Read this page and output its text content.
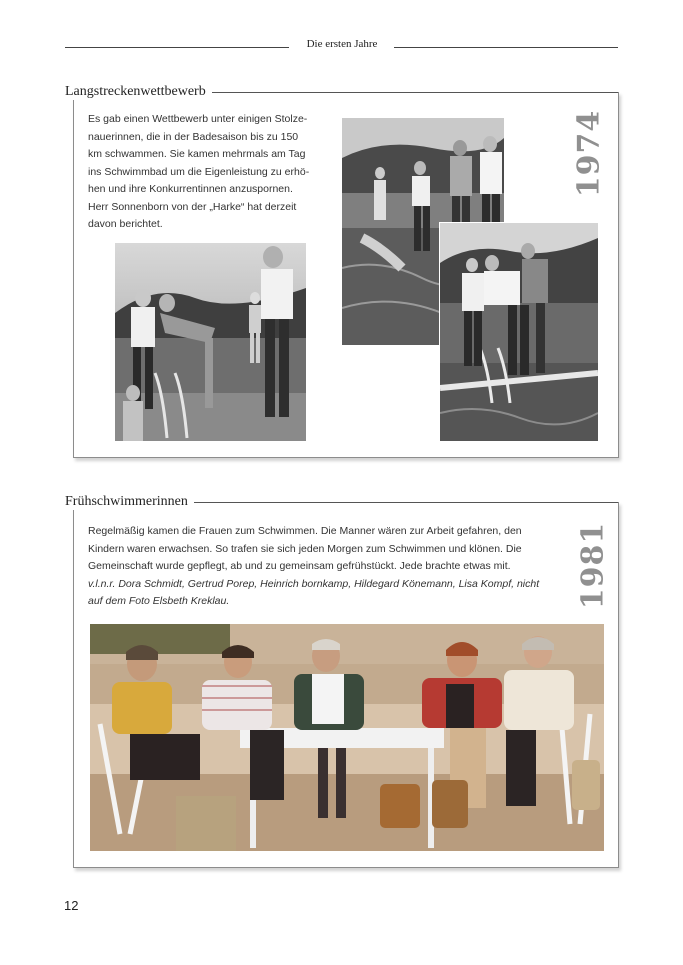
Die ersten Jahre
Langstreckenwettbewerb

Es gab einen Wettbewerb unter einigen Stolze-
nauerinnen, die in der Badesaison bis zu 150
km schwammen. Sie kamen mehrmals am Tag
ins Schwimmbad um die Eigenleistung zu erhö-
hen und ihre Konkurrentinnen anzuspornen.
Herr Sonnenborn von der „Harke“ hat derzeit
davon berichtet.

1974
Frühschwimmerinnen

Regelmäßig kamen die Frauen zum Schwimmen. Die Manner wären zur Arbeit gefahren, den
Kindern waren erwachsen. So trafen sie sich jeden Morgen zum Schwimmen und klönen. Die
Gemeinschaft wurde gepflegt, ab und zu gemeinsam gefrühstückt. Jede brachte etwas mit.
v.l.n.r. Dora Schmidt, Gertrud Porep, Heinrich bornkamp, Hildegard Könemann, Lisa Kompf, nicht
auf dem Foto Elsbeth Kreklau.	1981
12
